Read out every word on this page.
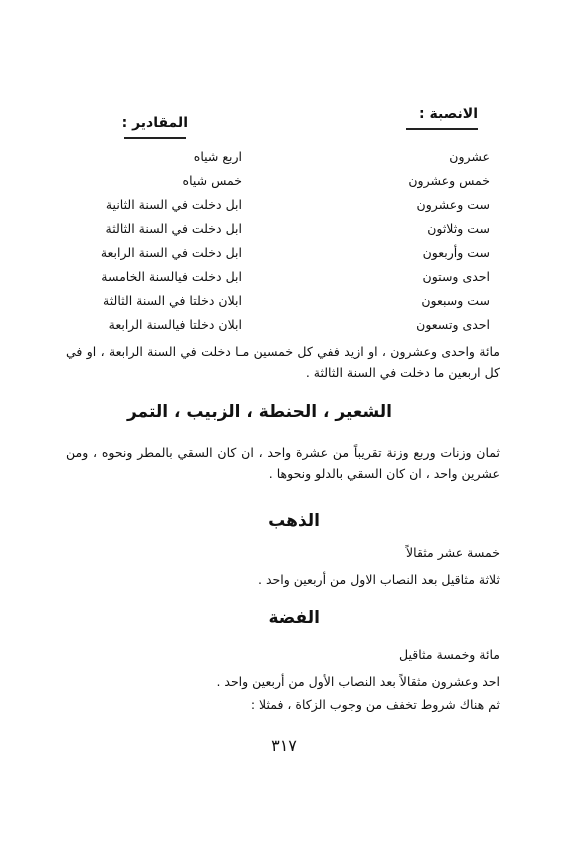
الانصبة :
المقادير :
عشرون
اربع شياه
خمس وعشرون
خمس شياه
ست وعشرون
ابل دخلت في السنة الثانية
ست وثلاثون
ابل دخلت في السنة الثالثة
ست وأربعون
ابل دخلت في السنة الرابعة
احدى وستون
ابل دخلت فيالسنة الخامسة
ست وسبعون
ابلان دخلتا في السنة الثالثة
احدى وتسعون
ابلان دخلتا فيالسنة الرابعة
مائة واحدى وعشرون ، او ازيد ففي كل خمسين مـا دخلت في السنة الرابعة ، او في كل اربعين ما دخلت في السنة الثالثة .
الشعير ، الحنطة ، الزبيب ، التمر
ثمان وزنات وربع وزنة تقريباً من عشرة واحد ، ان كان السقي بالمطر ونحوه ، ومن عشرين واحد ، ان كان السقي بالدلو ونحوها .
الذهب
خمسة عشر مثقالاً
ثلاثة مثاقيل بعد النصاب الاول من أربعين واحد .
الفضة
مائة وخمسة مثاقيل
احد وعشرون مثقالاً بعد النصاب الأول من أربعين واحد .
ثم هناك شروط تخفف من وجوب الزكاة ، فمثلا :
٣١٧
